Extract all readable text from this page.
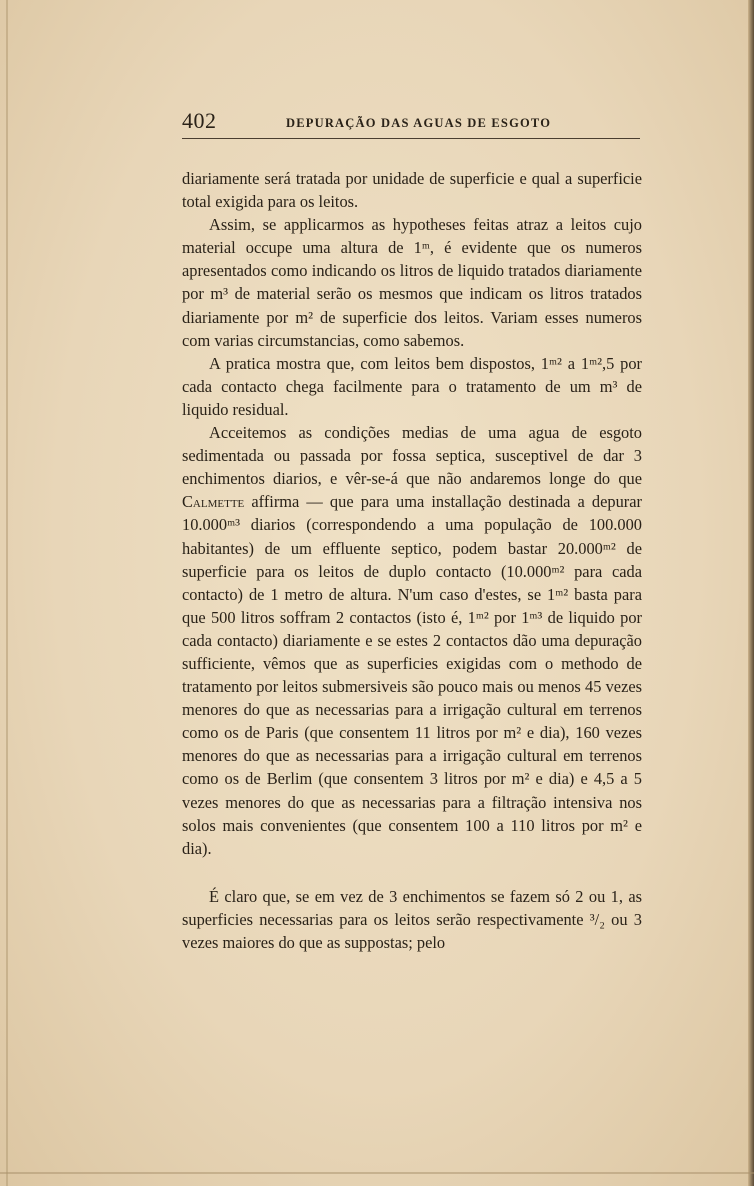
402	DEPURAÇÃO DAS AGUAS DE ESGOTO

diariamente será tratada por unidade de superficie e qual a superficie total exigida para os leitos.

Assim, se applicarmos as hypotheses feitas atraz a leitos cujo material occupe uma altura de 1ᵐ, é evidente que os numeros apresentados como indicando os litros de liquido tratados diariamente por m³ de material serão os mesmos que indicam os litros tratados diariamente por m² de superficie dos leitos. Variam esses numeros com varias circumstancias, como sabemos.

A pratica mostra que, com leitos bem dispostos, 1ᵐ² a 1ᵐ²,5 por cada contacto chega facilmente para o tratamento de um m³ de liquido residual.

Acceitemos as condições medias de uma agua de esgoto sedimentada ou passada por fossa septica, susceptivel de dar 3 enchimentos diarios, e vêr-se-á que não andaremos longe do que Calmette affirma — que para uma installação destinada a depurar 10.000ᵐ³ diarios (correspondendo a uma população de 100.000 habitantes) de um effluente septico, podem bastar 20.000ᵐ² de superficie para os leitos de duplo contacto (10.000ᵐ² para cada contacto) de 1 metro de altura. N'um caso d'estes, se 1ᵐ² basta para que 500 litros soffram 2 contactos (isto é, 1ᵐ² por 1ᵐ³ de liquido por cada contacto) diariamente e se estes 2 contactos dão uma depuração sufficiente, vêmos que as superficies exigidas com o methodo de tratamento por leitos submersiveis são pouco mais ou menos 45 vezes menores do que as necessarias para a irrigação cultural em terrenos como os de Paris (que consentem 11 litros por m² e dia), 160 vezes menores do que as necessarias para a irrigação cultural em terrenos como os de Berlim (que consentem 3 litros por m² e dia) e 4,5 a 5 vezes menores do que as necessarias para a filtração intensiva nos solos mais convenientes (que consentem 100 a 110 litros por m² e dia).

É claro que, se em vez de 3 enchimentos se fazem só 2 ou 1, as superficies necessarias para os leitos serão respectivamente ³/₂ ou 3 vezes maiores do que as suppostas; pelo
